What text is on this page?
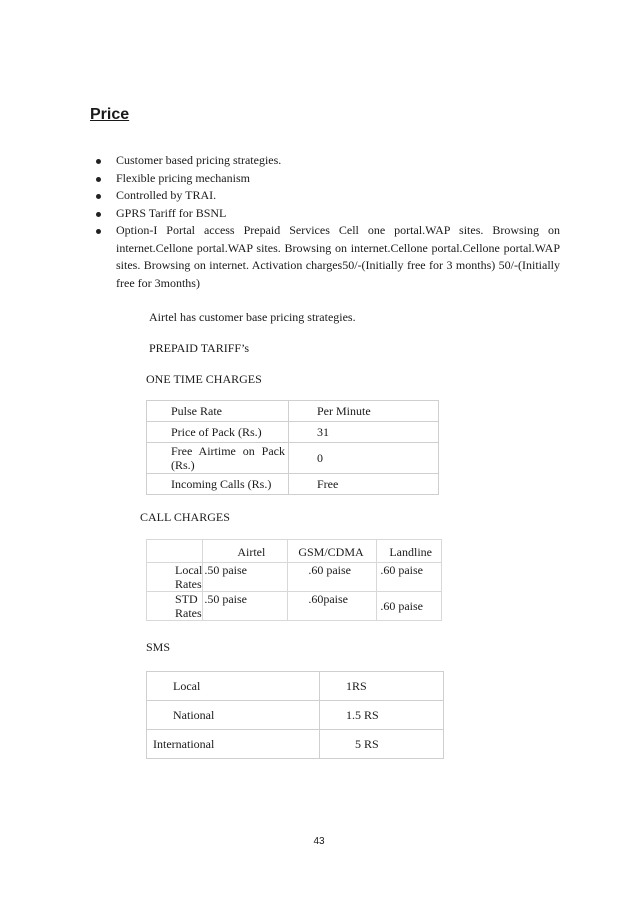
Price
Customer based pricing strategies.
Flexible pricing mechanism
Controlled by TRAI.
GPRS Tariff for BSNL
Option-I Portal access Prepaid Services Cell one portal.WAP sites. Browsing on internet.Cellone portal.WAP sites. Browsing on internet.Cellone portal.Cellone portal.WAP sites. Browsing on internet. Activation charges50/-(Initially free for 3 months) 50/-(Initially free for 3months)
Airtel has customer base pricing strategies.
PREPAID TARIFF’s
ONE TIME CHARGES
Pulse Rate	Per Minute
Price of Pack (Rs.)	31
Free Airtime on Pack (Rs.)	0
Incoming Calls (Rs.)	Free
CALL CHARGES
	Airtel	GSM/CDMA	Landline
Local Rates	.50 paise	.60 paise	.60 paise
STD Rates	.50 paise	.60paise	.60 paise
SMS
Local	1RS
National	1.5 RS
International	5 RS
43
